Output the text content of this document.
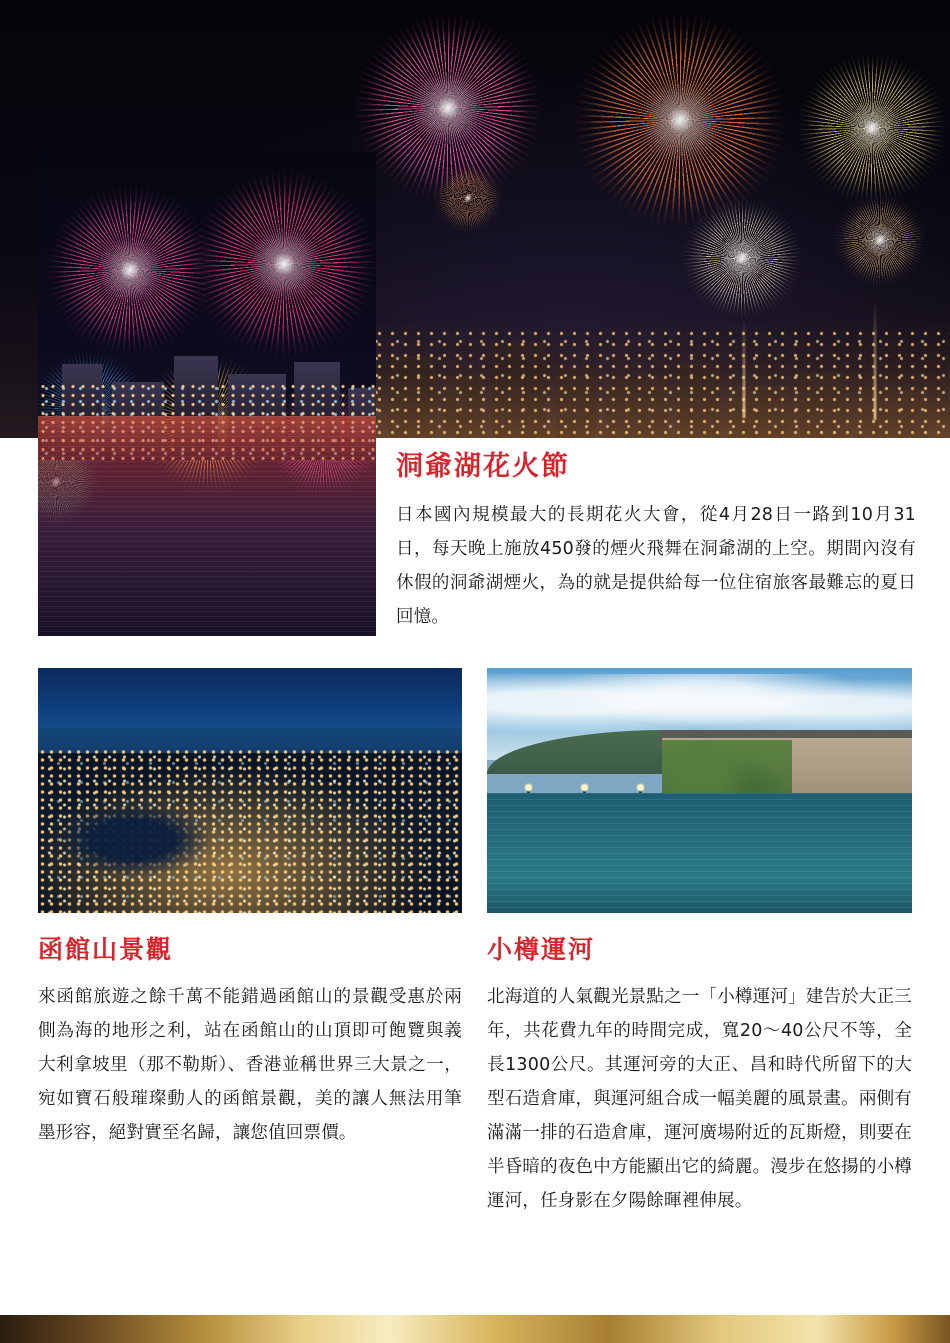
洞爺湖花火節
日本國內規模最大的長期花火大會，從4月28日一路到10月31日，每天晚上施放450發的煙火飛舞在洞爺湖的上空。期間內沒有休假的洞爺湖煙火，為的就是提供給每一位住宿旅客最難忘的夏日回憶。
函館山景觀
來函館旅遊之餘千萬不能錯過函館山的景觀受惠於兩側為海的地形之利，站在函館山的山頂即可飽覽與義大利拿坡里（那不勒斯）、香港並稱世界三大景之一，宛如寶石般璀璨動人的函館景觀，美的讓人無法用筆墨形容，絕對實至名歸，讓您值回票價。
小樽運河
北海道的人氣觀光景點之一「小樽運河」建告於大正三年，共花費九年的時間完成，寬20～40公尺不等，全長1300公尺。其運河旁的大正、昌和時代所留下的大型石造倉庫，與運河組合成一幅美麗的風景畫。兩側有滿滿一排的石造倉庫，運河廣場附近的瓦斯燈，則要在半昏暗的夜色中方能顯出它的綺麗。漫步在悠揚的小樽運河，任身影在夕陽餘暉裡伸展。
